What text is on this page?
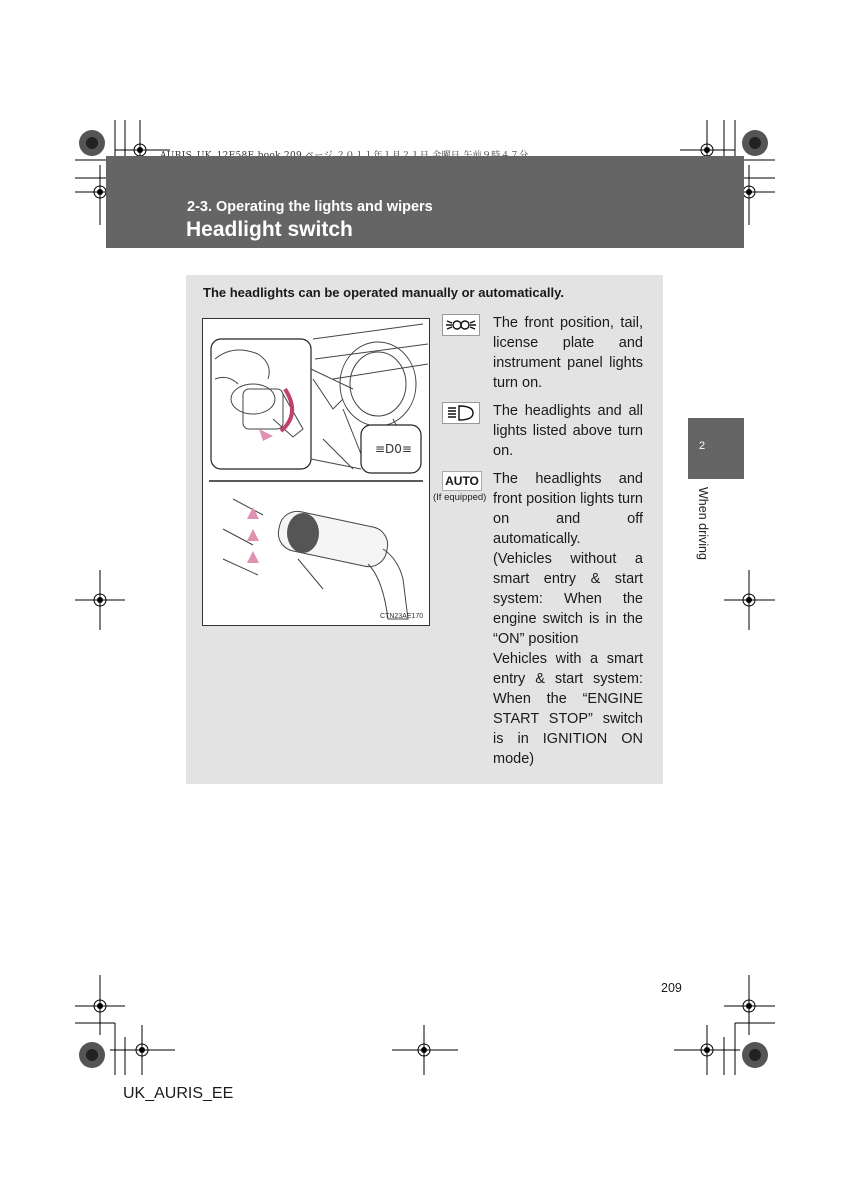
2-3. Operating the lights and wipers
Headlight switch
2
When driving
The headlights can be operated manually or automatically.
≡D0≡
CTN23AE170
The front position, tail, license plate and instrument panel lights turn on.
The headlights and all lights listed above turn on.
AUTO
(If equipped)
The headlights and front position lights turn on and off automatically.
(Vehicles without a smart entry & start system: When the engine switch is in the “ON” position
Vehicles with a smart entry & start system: When the “ENGINE START STOP” switch is in IGNITION ON mode)
209
UK_AURIS_EE
